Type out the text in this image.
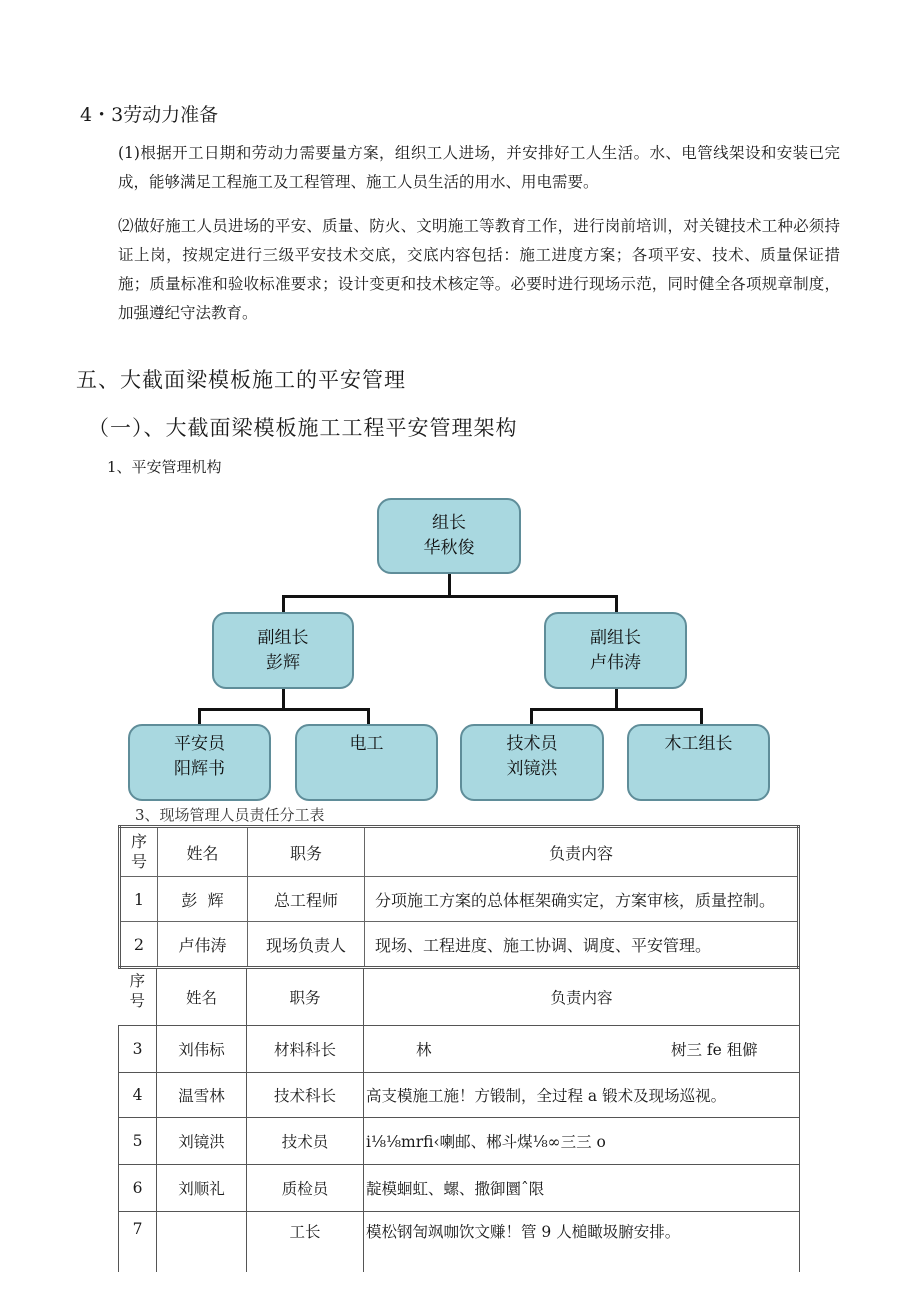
4・3劳动力准备
(1)根据开工日期和劳动力需要量方案，组织工人进场，并安排好工人生活。水、电管线架设和安装已完成，能够满足工程施工及工程管理、施工人员生活的用水、用电需要。
⑵做好施工人员进场的平安、质量、防火、文明施工等教育工作，进行岗前培训，对关键技术工种必须持证上岗，按规定进行三级平安技术交底，交底内容包括：施工进度方案；各项平安、技术、质量保证措施；质量标准和验收标准要求；设计变更和技术核定等。必要时进行现场示范，同时健全各项规章制度，加强遵纪守法教育。
五、大截面梁模板施工的平安管理
（一）、大截面梁模板施工工程平安管理架构
1、平安管理机构
组长
华秋俊
副组长
彭辉
副组长
卢伟涛
平安员
阳辉书
电工	技术员
刘镜洪
木工组长
3、现场管理人员责任分工表
序
号	姓名	职务	负责内容
1	彭  辉	总工程师	分项施工方案的总体框架确实定，方案审核，质量控制。
2	卢伟涛	现场负责人	现场、工程进度、施工协调、调度、平安管理。
序
号	姓名	职务	负责内容
3	刘伟标	材料科长	林 树三 fe 租僻
4	温雪林	技术科长	高支模施工施！方锻制，全过程 a 锻术及现场巡视。
5	刘镜洪	技术员	i⅛⅛mrfi‹喇邮、郴斗煤⅛∞三三 o
6	刘顺礼	质检员	靛模蛔虹、螺、撒御圜ˆ限
7		工长	模松钢訇飒咖饮文赚！管 9 人槌瞰圾腑安排。
